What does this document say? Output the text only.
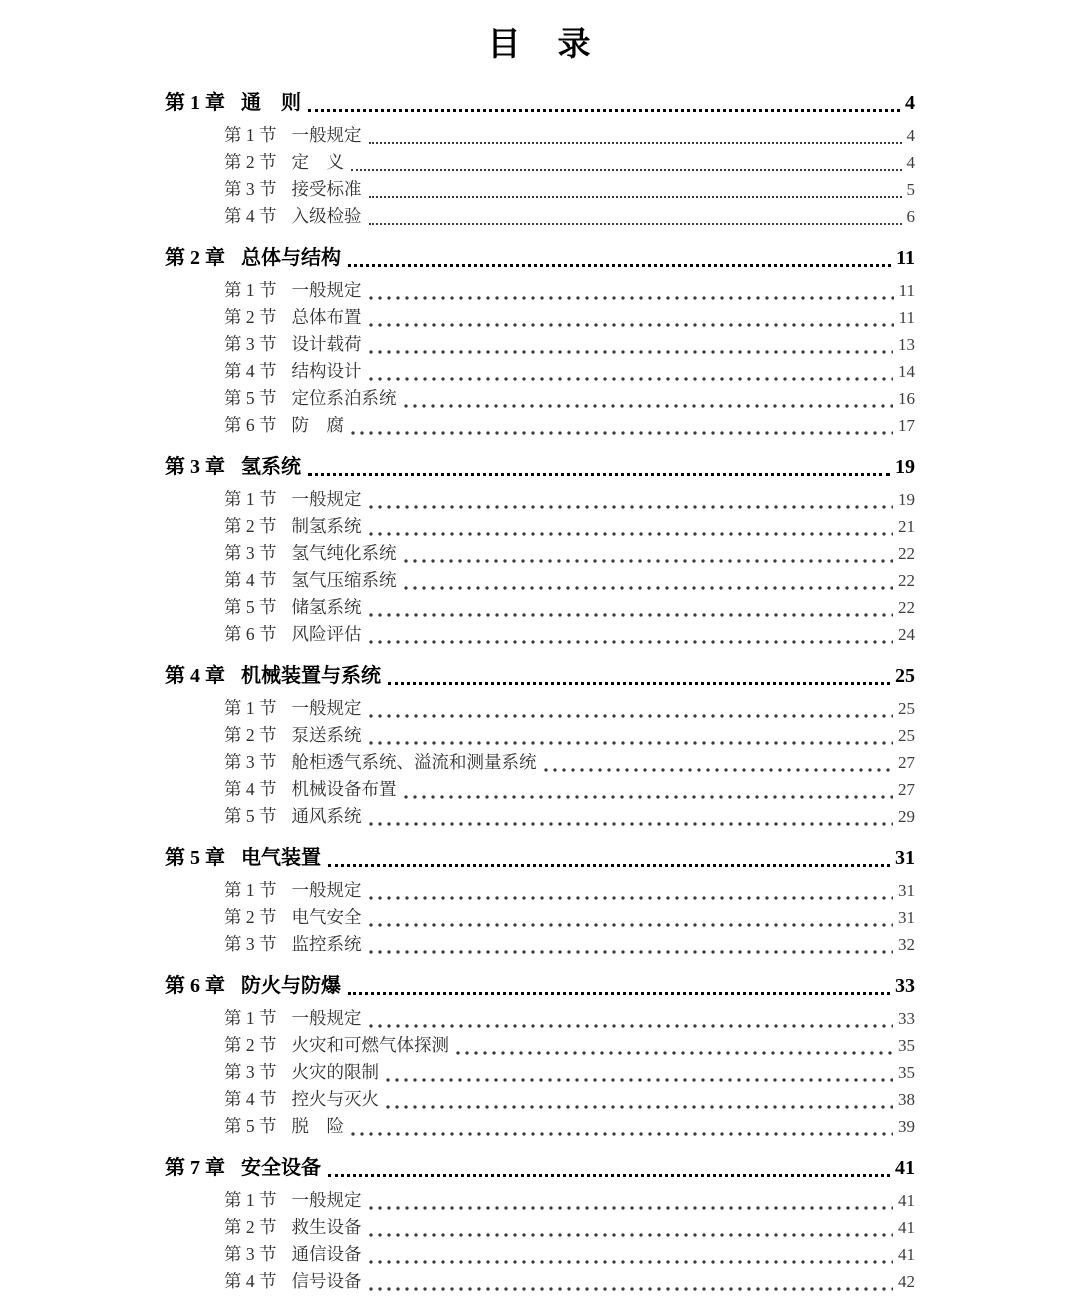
目　录
第 1 章 通　则	4
第 1 节 一般规定	4
第 2 节 定　义	4
第 3 节 接受标准	5
第 4 节 入级检验	6
第 2 章 总体与结构	11
第 1 节 一般规定	11
第 2 节 总体布置	11
第 3 节 设计载荷	13
第 4 节 结构设计	14
第 5 节 定位系泊系统	16
第 6 节 防　腐	17
第 3 章 氢系统	19
第 1 节 一般规定	19
第 2 节 制氢系统	21
第 3 节 氢气纯化系统	22
第 4 节 氢气压缩系统	22
第 5 节 储氢系统	22
第 6 节 风险评估	24
第 4 章 机械装置与系统	25
第 1 节 一般规定	25
第 2 节 泵送系统	25
第 3 节 舱柜透气系统、溢流和测量系统	27
第 4 节 机械设备布置	27
第 5 节 通风系统	29
第 5 章 电气装置	31
第 1 节 一般规定	31
第 2 节 电气安全	31
第 3 节 监控系统	32
第 6 章 防火与防爆	33
第 1 节 一般规定	33
第 2 节 火灾和可燃气体探测	35
第 3 节 火灾的限制	35
第 4 节 控火与灭火	38
第 5 节 脱　险	39
第 7 章 安全设备	41
第 1 节 一般规定	41
第 2 节 救生设备	41
第 3 节 通信设备	41
第 4 节 信号设备	42
